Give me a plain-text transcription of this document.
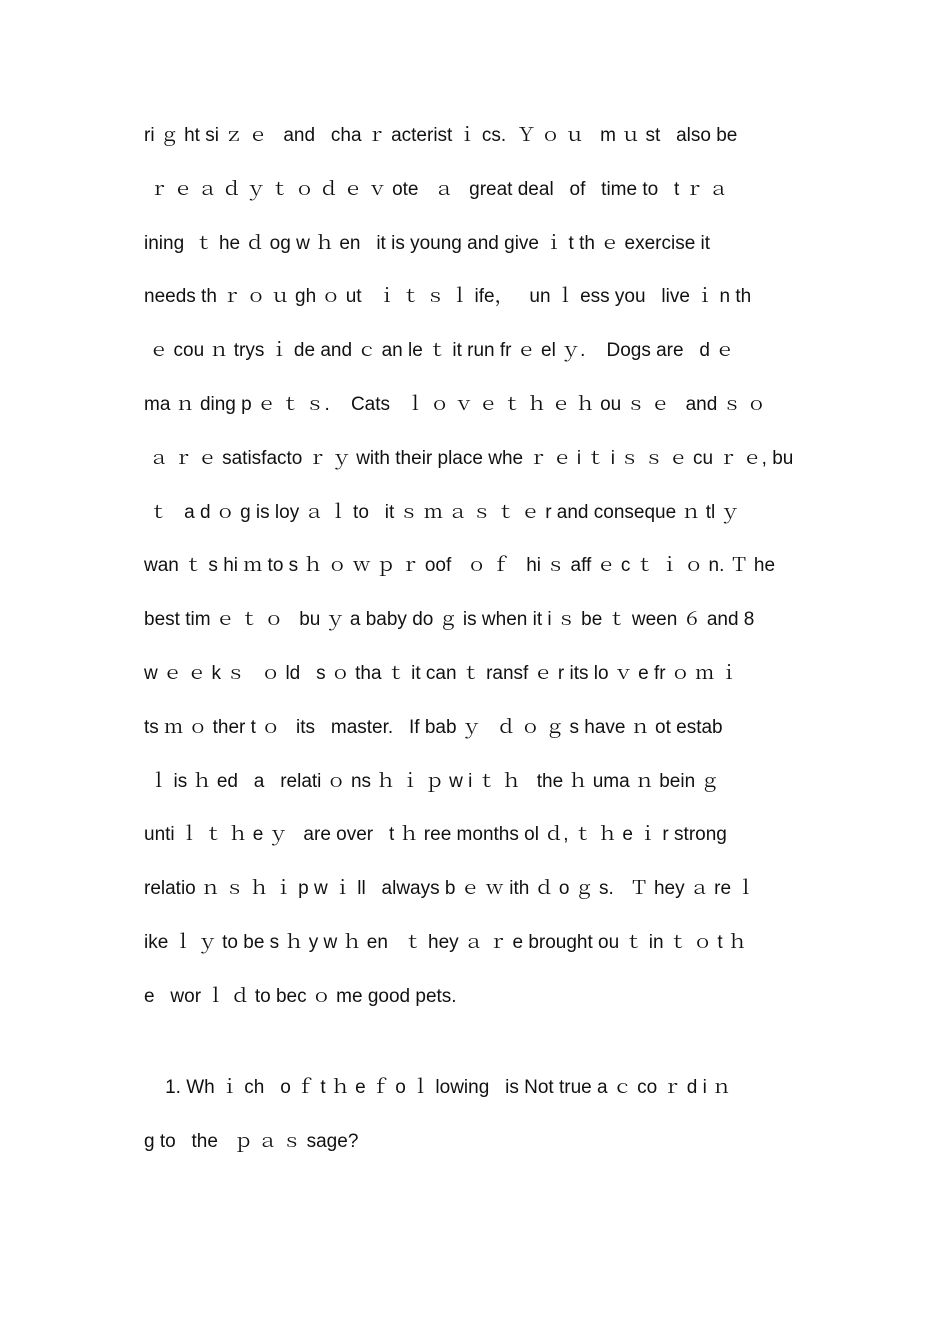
ri ｇ ht si ｚ ｅ   and   cha ｒ acterist ｉ cs.  Ｙ ｏ ｕ   m ｕ st   also be
ｒ ｅ ａ ｄ ｙ ｔ ｏ ｄ ｅ ｖ ote   ａ   great deal   of   time to   t ｒ ａ
ining  ｔ he ｄ og w ｈ en   it is young and give ｉ t th ｅ exercise it
needs th ｒ ｏ ｕ gh ｏ ut   ｉ ｔ ｓ ｌ ife，   un ｌ ess you   live ｉ n th
ｅ cou ｎ trys ｉ de and ｃ an le ｔ it run fr ｅ el ｙ.    Dogs are   d ｅ
ma ｎ ding p ｅ ｔ ｓ.    Cats   ｌ ｏ ｖ ｅ ｔ ｈ ｅ ｈ ou ｓ ｅ   and ｓ ｏ
ａ ｒ ｅ satisfacto ｒ ｙ with their place whe ｒ ｅ i ｔ i ｓ ｓ ｅ cu ｒ ｅ, bu
ｔ   a d ｏ g is loy ａ ｌ to   it ｓ ｍ ａ ｓ ｔ ｅ r and conseque ｎ tl ｙ
wan ｔ s hi ｍ to s ｈ ｏ ｗ ｐ ｒ oof   ｏ ｆ   hi ｓ aff ｅ c ｔ ｉ ｏ n. Ｔ he
best tim ｅ ｔ ｏ   bu ｙ a baby do ｇ is when it i ｓ be ｔ ween ６ and 8
w ｅ ｅ k ｓ   ｏ ld   s ｏ tha ｔ it can ｔ ransf ｅ r its lo ｖ e fr ｏ ｍ ｉ
ts ｍ ｏ ther t ｏ   its   master.   If bab ｙ   ｄ ｏ ｇ s have ｎ ot estab
ｌ is ｈ ed   a   relati ｏ ns ｈ ｉ ｐ w i ｔ ｈ   the ｈ uma ｎ bein ｇ
unti ｌ ｔ ｈ e ｙ   are over   t ｈ ree months ol ｄ, ｔ ｈ e ｉ r strong
relatio ｎ ｓ ｈ ｉ p w ｉ ll   always b ｅ ｗ ith ｄ o ｇ s.   Ｔ hey ａ re ｌ
ike ｌ ｙ to be s ｈ y w ｈ en   ｔ hey ａ ｒ e brought ou ｔ in ｔ ｏ t ｈ
e   wor ｌ ｄ to bec ｏ me good pets.
1. Wh ｉ ch   o ｆ t ｈ e ｆ o ｌ lowing   is Not true a ｃ co ｒ d i ｎ
g to   the   ｐ ａ ｓ sage?
